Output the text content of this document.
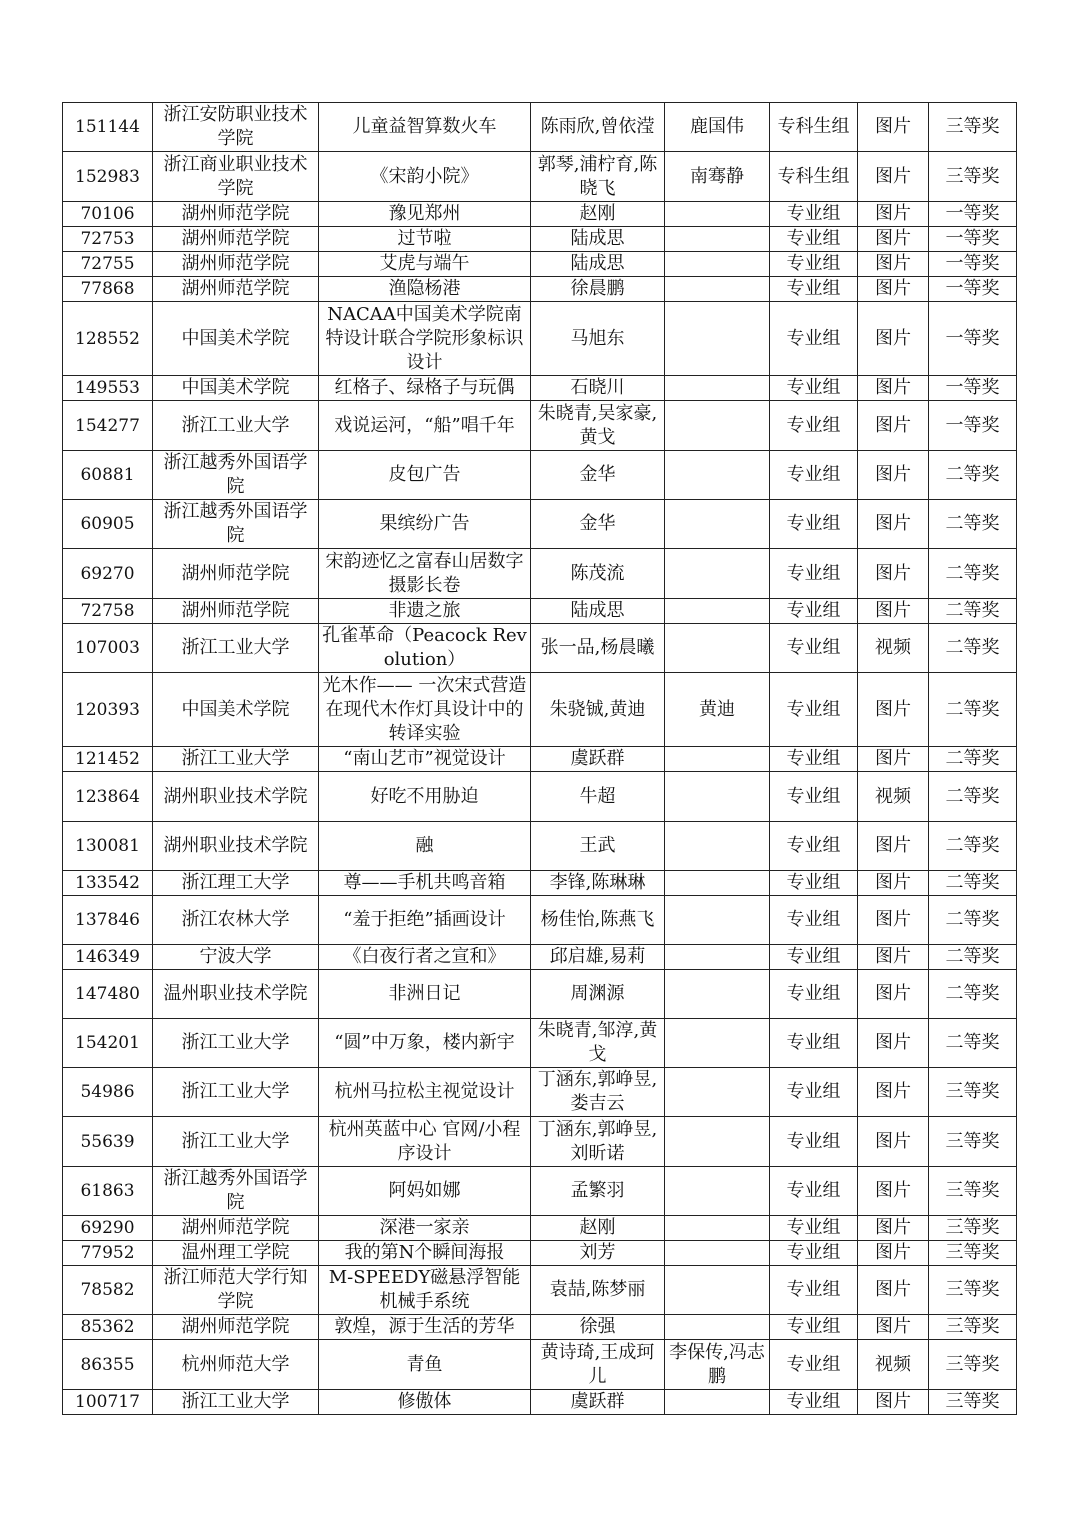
151144	浙江安防职业技术学院	儿童益智算数火车	陈雨欣,曾依滢	鹿国伟	专科生组	图片	三等奖
152983	浙江商业职业技术学院	《宋韵小院》	郭琴,浦柠育,陈晓飞	南骞静	专科生组	图片	三等奖
70106	湖州师范学院	豫见郑州	赵刚		专业组	图片	一等奖
72753	湖州师范学院	过节啦	陆成思		专业组	图片	一等奖
72755	湖州师范学院	艾虎与端午	陆成思		专业组	图片	一等奖
77868	湖州师范学院	渔隐杨港	徐晨鹏		专业组	图片	一等奖
128552	中国美术学院	NACAA中国美术学院南特设计联合学院形象标识设计	马旭东		专业组	图片	一等奖
149553	中国美术学院	红格子、绿格子与玩偶	石晓川		专业组	图片	一等奖
154277	浙江工业大学	戏说运河，“船”唱千年	朱晓青,吴家豪,黄戈		专业组	图片	一等奖
60881	浙江越秀外国语学院	皮包广告	金华		专业组	图片	二等奖
60905	浙江越秀外国语学院	果缤纷广告	金华		专业组	图片	二等奖
69270	湖州师范学院	宋韵迹忆之富春山居数字摄影长卷	陈茂流		专业组	图片	二等奖
72758	湖州师范学院	非遗之旅	陆成思		专业组	图片	二等奖
107003	浙江工业大学	孔雀革命（Peacock Revolution）	张一品,杨晨曦		专业组	视频	二等奖
120393	中国美术学院	光木作—— 一次宋式营造在现代木作灯具设计中的转译实验	朱骁铖,黄迪	黄迪	专业组	图片	二等奖
121452	浙江工业大学	“南山艺市”视觉设计	虞跃群		专业组	图片	二等奖
123864	湖州职业技术学院	好吃不用胁迫	牛超		专业组	视频	二等奖
130081	湖州职业技术学院	融	王武		专业组	图片	二等奖
133542	浙江理工大学	尊——手机共鸣音箱	李锋,陈琳琳		专业组	图片	二等奖
137846	浙江农林大学	“羞于拒绝”插画设计	杨佳怡,陈燕飞		专业组	图片	二等奖
146349	宁波大学	《白夜行者之宣和》	邱启雄,易莉		专业组	图片	二等奖
147480	温州职业技术学院	非洲日记	周渊源		专业组	图片	二等奖
154201	浙江工业大学	“圆”中万象，楼内新宇	朱晓青,邹淳,黄戈		专业组	图片	二等奖
54986	浙江工业大学	杭州马拉松主视觉设计	丁涵东,郭峥昱,娄吉云		专业组	图片	三等奖
55639	浙江工业大学	杭州英蓝中心 官网/小程序设计	丁涵东,郭峥昱,刘昕诺		专业组	图片	三等奖
61863	浙江越秀外国语学院	阿妈如娜	孟繁羽		专业组	图片	三等奖
69290	湖州师范学院	深港一家亲	赵刚		专业组	图片	三等奖
77952	温州理工学院	我的第N个瞬间海报	刘芳		专业组	图片	三等奖
78582	浙江师范大学行知学院	M-SPEEDY磁悬浮智能机械手系统	袁喆,陈梦丽		专业组	图片	三等奖
85362	湖州师范学院	敦煌，源于生活的芳华	徐强		专业组	图片	三等奖
86355	杭州师范大学	青鱼	黄诗琦,王成珂儿	李保传,冯志鹏	专业组	视频	三等奖
100717	浙江工业大学	修傲体	虞跃群		专业组	图片	三等奖
